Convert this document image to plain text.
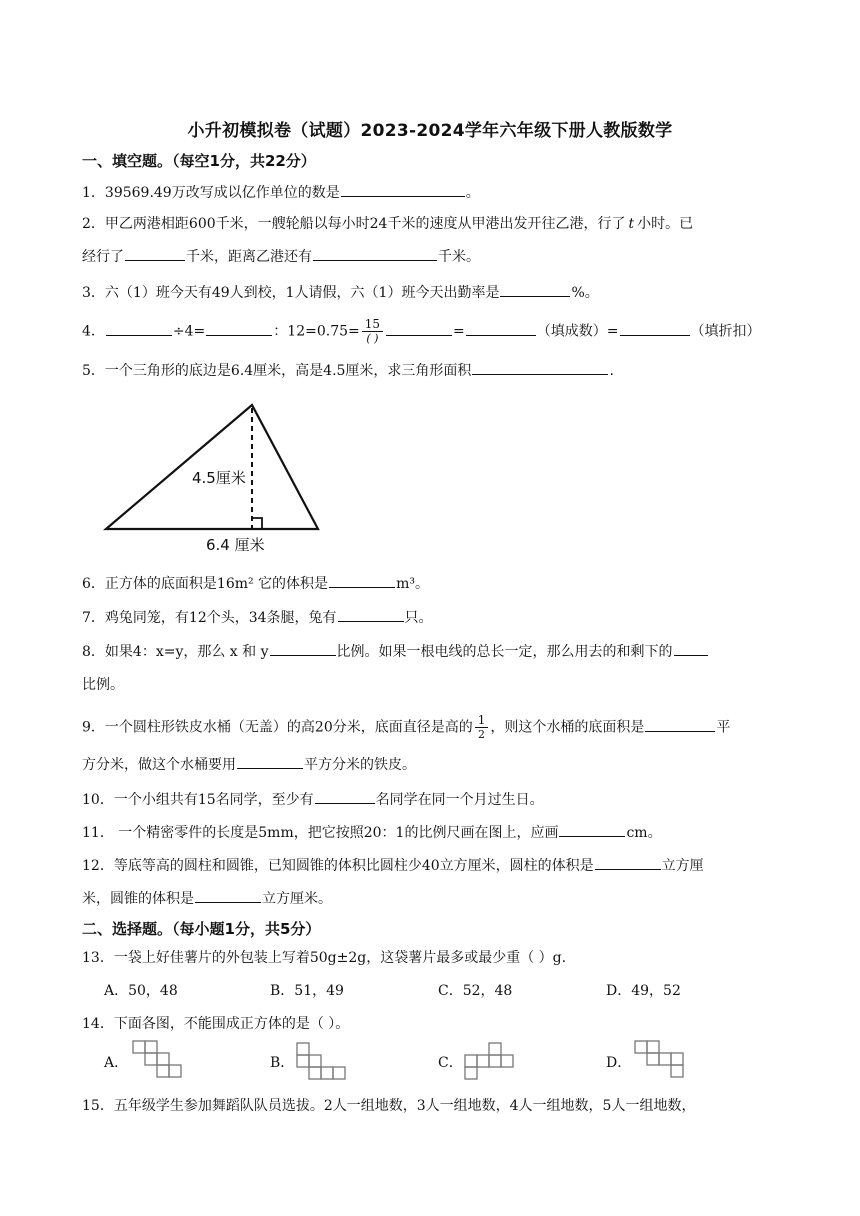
小升初模拟卷（试题）2023-2024学年六年级下册人教版数学
一、填空题。（每空1分，共22分）
1．39569.49万改写成以亿作单位的数是	。
2．甲乙两港相距600千米，一艘轮船以每小时24千米的速度从甲港出发开往乙港，行了 t 小时。已
经行了	千米，距离乙港还有	千米。
3．六（1）班今天有49人到校，1人请假，六（1）班今天出勤率是	%。
4．	÷4=	：$12=0.75= \frac{15}{( )}$	=	（填成数）=	（填折扣）
5．一个三角形的底边是6.4厘米，高是4.5厘米，求三角形面积	.
4.5厘米
6.4 厘米
6．正方体的底面积是16m² 它的体积是	m³。
7．鸡兔同笼，有12个头，34条腿，兔有	只。
8．如果4：x=y，那么 x 和 y	比例。如果一根电线的总长一定，那么用去的和剩下的
比例。
9．一个圆柱形铁皮水桶（无盖）的高20分米，底面直径是高的 $\frac{1}{2}$ ，则这个水桶的底面积是	平
方分米，做这个水桶要用	平方分米的铁皮。
10．一个小组共有15名同学，至少有	名同学在同一个月过生日。
11． 一个精密零件的长度是5mm，把它按照20：1的比例尺画在图上，应画	cm。
12．等底等高的圆柱和圆锥，已知圆锥的体积比圆柱少40立方厘米，圆柱的体积是	立方厘
米，圆锥的体积是	立方厘米。
二、选择题。（每小题1分，共5分）
13．一袋上好佳薯片的外包装上写着50g±2g，这袋薯片最多或最少重（ ）g.
A．50，48	B．51，49	C．52，48	D．49，52
14．下面各图，不能围成正方体的是（ ）。
A．	B．	C．	D．
15．五年级学生参加舞蹈队队员选拔。2人一组地数，3人一组地数，4人一组地数，5人一组地数，
